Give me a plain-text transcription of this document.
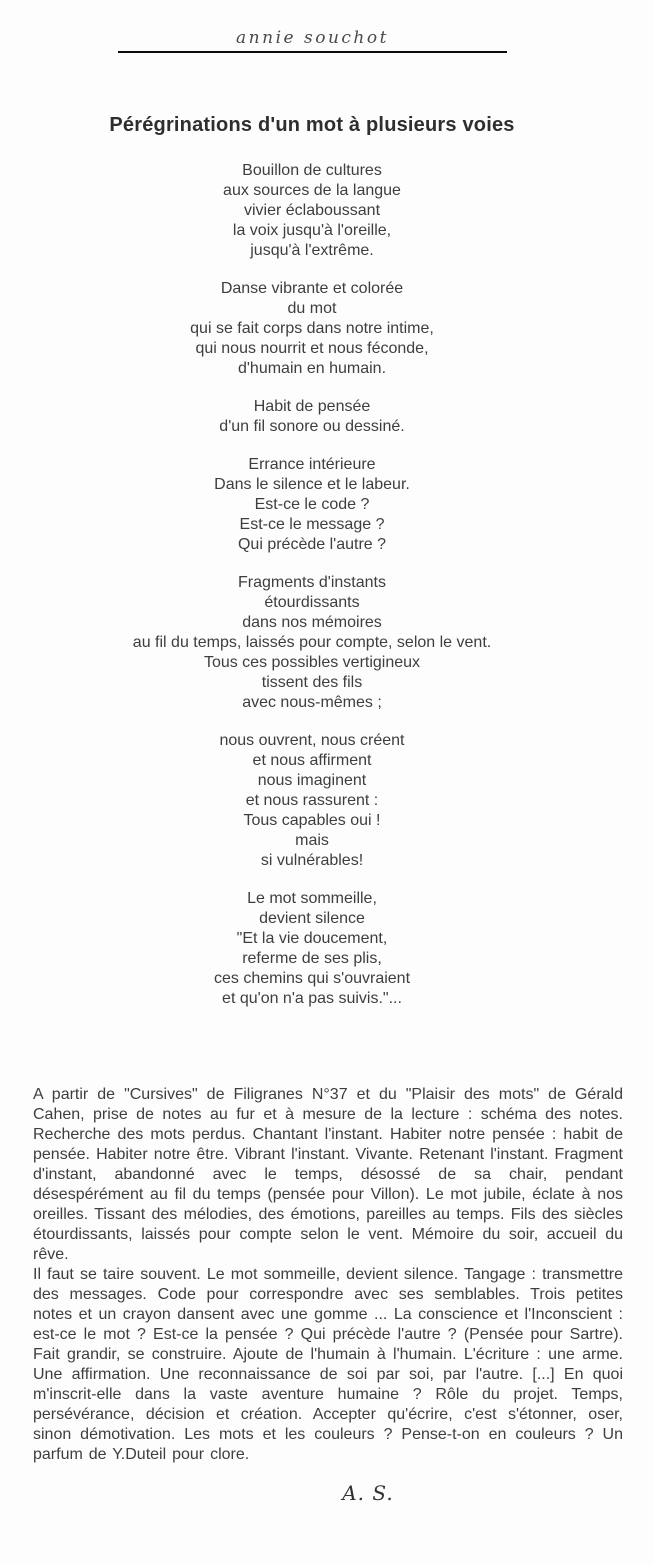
annie souchot
Pérégrinations d'un mot à plusieurs voies
Bouillon de cultures
aux sources de la langue
vivier éclaboussant
la voix jusqu'à l'oreille,
jusqu'à l'extrême.
Danse vibrante et colorée
du mot
qui se fait corps dans notre intime,
qui nous nourrit et nous féconde,
d'humain en humain.
Habit de pensée
d'un fil sonore ou dessiné.
Errance intérieure
Dans le silence et le labeur.
Est-ce le code ?
Est-ce le message ?
Qui précède l'autre ?
Fragments d'instants
étourdissants
dans nos mémoires
au fil du temps, laissés pour compte, selon le vent.
Tous ces possibles vertigineux
tissent des fils
avec nous-mêmes ;
nous ouvrent, nous créent
et nous affirment
nous imaginent
et nous rassurent :
Tous capables oui !
mais
si vulnérables!
Le mot sommeille,
devient silence
"Et la vie doucement,
referme de ses plis,
ces chemins qui s'ouvraient
et qu'on n'a pas suivis."...

A partir de "Cursives" de Filigranes N°37 et du "Plaisir des mots" de Gérald Cahen, prise de notes au fur et à mesure de la lecture : schéma des notes. Recherche des mots perdus. Chantant l'instant. Habiter notre pensée : habit de pensée. Habiter notre être. Vibrant l'instant. Vivante. Retenant l'instant. Fragment d'instant, abandonné avec le temps, désossé de sa chair, pendant désespérément au fil du temps (pensée pour Villon). Le mot jubile, éclate à nos oreilles. Tissant des mélodies, des émotions, pareilles au temps. Fils des siècles étourdissants, laissés pour compte selon le vent. Mémoire du soir, accueil du rêve.

Il faut se taire souvent. Le mot sommeille, devient silence. Tangage : transmettre des messages. Code pour correspondre avec ses semblables. Trois petites notes et un crayon dansent avec une gomme ... La conscience et l'Inconscient : est-ce le mot ? Est-ce la pensée ? Qui précède l'autre ? (Pensée pour Sartre). Fait grandir, se construire. Ajoute de l'humain à l'humain. L'écriture : une arme. Une affirmation. Une reconnaissance de soi par soi, par l'autre. [...] En quoi m'inscrit-elle dans la vaste aventure humaine ? Rôle du projet. Temps, persévérance, décision et création. Accepter qu'écrire, c'est s'étonner, oser, sinon démotivation. Les mots et les couleurs ? Pense-t-on en couleurs ? Un parfum de Y.Duteil pour clore.

A. S.
